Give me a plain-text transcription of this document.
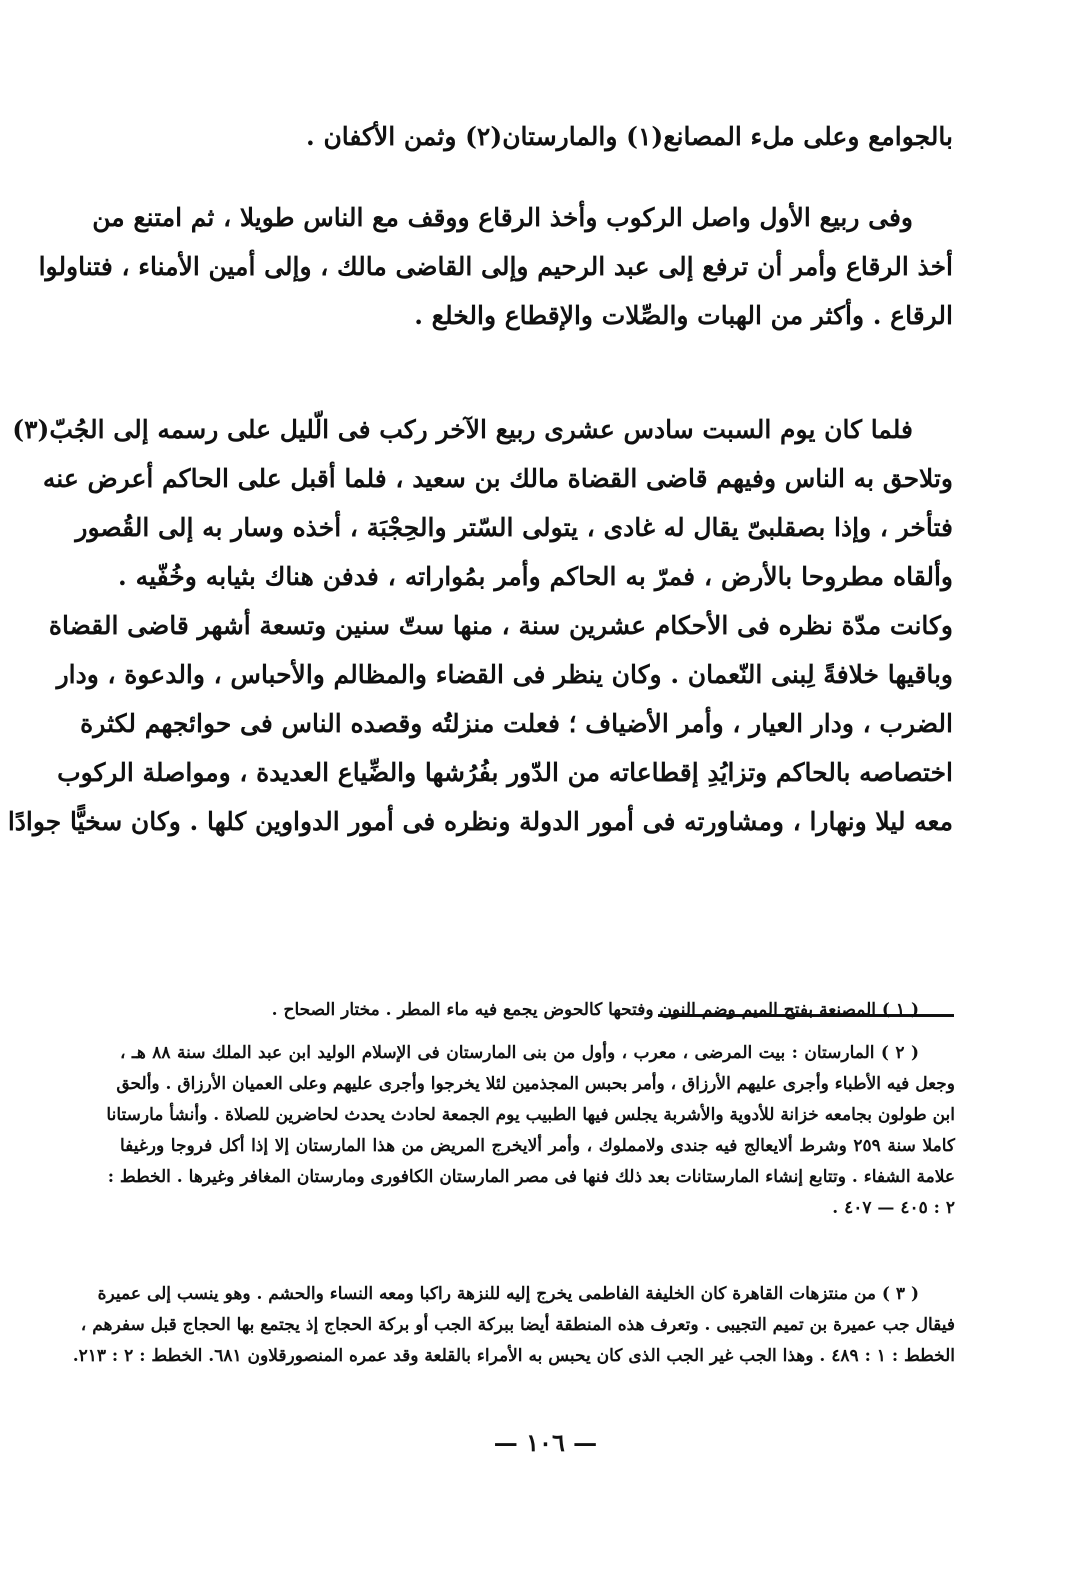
بالجوامع وعلى ملء المصانع(١) والمارستان(٢) وثمن الأكفان .
وفى ربيع الأول واصل الركوب وأخذ الرقاع ووقف مع الناس طويلا ، ثم امتنع من
أخذ الرقاع وأمر أن ترفع إلى عبد الرحيم وإلى القاضى مالك ، وإلى أمين الأمناء ، فتناولوا
الرقاع . وأكثر من الهبات والصِّلات والإقطاع والخلع .
فلما كان يوم السبت سادس عشرى ربيع الآخر ركب فى الّليل على رسمه إلى الجُبّ(٣)
وتلاحق به الناس وفيهم قاضى القضاة مالك بن سعيد ، فلما أقبل على الحاكم أعرض عنه
فتأخر ، وإذا بصقلبىّ يقال له غادى ، يتولى السّتر والحِجْبَة ، أخذه وسار به إلى القُصور
وألقاه مطروحا بالأرض ، فمرّ به الحاكم وأمر بمُواراته ، فدفن هناك بثيابه وخُفّيه .
وكانت مدّة نظره فى الأحكام عشرين سنة ، منها ستّ سنين وتسعة أشهر قاضى القضاة
وباقيها خلافةً لِبنى النّعمان . وكان ينظر فى القضاء والمظالم والأحباس ، والدعوة ، ودار
الضرب ، ودار العيار ، وأمر الأضياف ؛ فعلت منزلتُه وقصده الناس فى حوائجهم لكثرة
اختصاصه بالحاكم وتزايُدِ إقطاعاته من الدّور بفُرُشها والضِّياع العديدة ، ومواصلة الركوب
معه ليلا ونهارا ، ومشاورته فى أمور الدولة ونظره فى أمور الدواوين كلها . وكان سخيًّا جوادًا
( ١ ) المصنعة بفتح الميم وضم النون وفتحها كالحوض يجمع فيه ماء المطر . مختار الصحاح .
( ٢ ) المارستان : بيت المرضى ، معرب ، وأول من بنى المارستان فى الإسلام الوليد ابن عبد الملك سنة ٨٨ هـ ،
وجعل فيه الأطباء وأجرى عليهم الأرزاق ، وأمر بحبس المجذمين لئلا يخرجوا وأجرى عليهم وعلى العميان الأرزاق . وألحق
ابن طولون بجامعه خزانة للأدوية والأشربة يجلس فيها الطبيب يوم الجمعة لحادث يحدث لحاضرين للصلاة . وأنشأ مارستانا
كاملا سنة ٢٥٩ وشرط ألايعالج فيه جندى ولامملوك ، وأمر ألايخرج المريض من هذا المارستان إلا إذا أكل فروجا ورغيفا
علامة الشفاء . وتتابع إنشاء المارستانات بعد ذلك فنها فى مصر المارستان الكافورى ومارستان المغافر وغيرها . الخطط :
٢ : ٤٠٥ — ٤٠٧ .
( ٣ ) من منتزهات القاهرة كان الخليفة الفاطمى يخرج إليه للنزهة راكبا ومعه النساء والحشم . وهو ينسب إلى عميرة
فيقال جب عميرة بن تميم التجيبى . وتعرف هذه المنطقة أيضا ببركة الجب أو بركة الحجاج إذ يجتمع بها الحجاج قبل سفرهم ،
الخطط : ١ : ٤٨٩ . وهذا الجب غير الجب الذى كان يحبس به الأمراء بالقلعة وقد عمره المنصورقلاون ٦٨١. الخطط : ٢ : ٢١٣.
— ١٠٦ —
